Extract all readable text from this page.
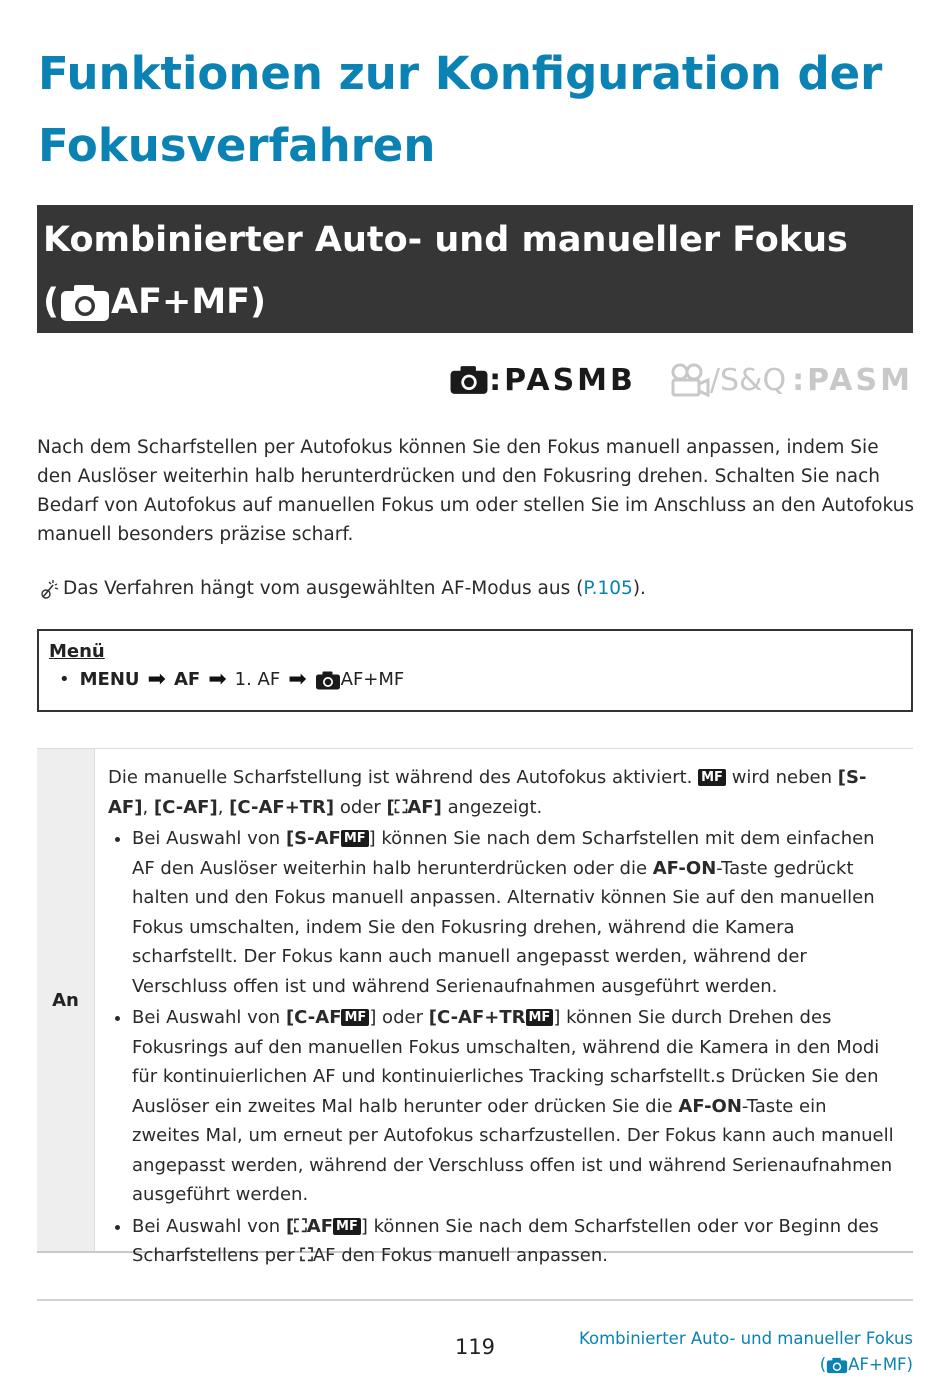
Funktionen zur Konfiguration der Fokusverfahren
Kombinierter Auto- und manueller Fokus
( AF+MF)
:PASMB / S&Q :PASM

Nach dem Scharfstellen per Autofokus können Sie den Fokus manuell anpassen, indem Sie den Auslöser weiterhin halb herunterdrücken und den Fokusring drehen. Schalten Sie nach Bedarf von Autofokus auf manuellen Fokus um oder stellen Sie im Anschluss an den Autofokus manuell besonders präzise scharf.

Das Verfahren hängt vom ausgewählten AF-Modus aus ( P.105 ).
Menü
• MENU ➡ AF ➡ 1. AF ➡ AF+MF
An

Die manuelle Scharfstellung ist während des Autofokus aktiviert. MF wird neben [S-AF], [C-AF], [C-AF+TR] oder [⛶AF] angezeigt.

• Bei Auswahl von [S-AF MF ] können Sie nach dem Scharfstellen mit dem einfachen AF den Auslöser weiterhin halb herunterdrücken oder die AF-ON-Taste gedrückt halten und den Fokus manuell anpassen. Alternativ können Sie auf den manuellen Fokus umschalten, indem Sie den Fokusring drehen, während die Kamera scharfstellt. Der Fokus kann auch manuell angepasst werden, während der Verschluss offen ist und während Serienaufnahmen ausgeführt werden.
• Bei Auswahl von [C-AF MF ] oder [C-AF+TR MF ] können Sie durch Drehen des Fokusrings auf den manuellen Fokus umschalten, während die Kamera in den Modi für kontinuierlichen AF und kontinuierliches Tracking scharfstellt.s Drücken Sie den Auslöser ein zweites Mal halb herunter oder drücken Sie die AF-ON-Taste ein zweites Mal, um erneut per Autofokus scharfzustellen. Der Fokus kann auch manuell angepasst werden, während der Verschluss offen ist und während Serienaufnahmen ausgeführt werden.
• Bei Auswahl von [⛶AF MF ] können Sie nach dem Scharfstellen oder vor Beginn des Scharfstellens per ⛶AF den Fokus manuell anpassen.
119	Kombinierter Auto- und manueller Fokus
( AF+MF)
